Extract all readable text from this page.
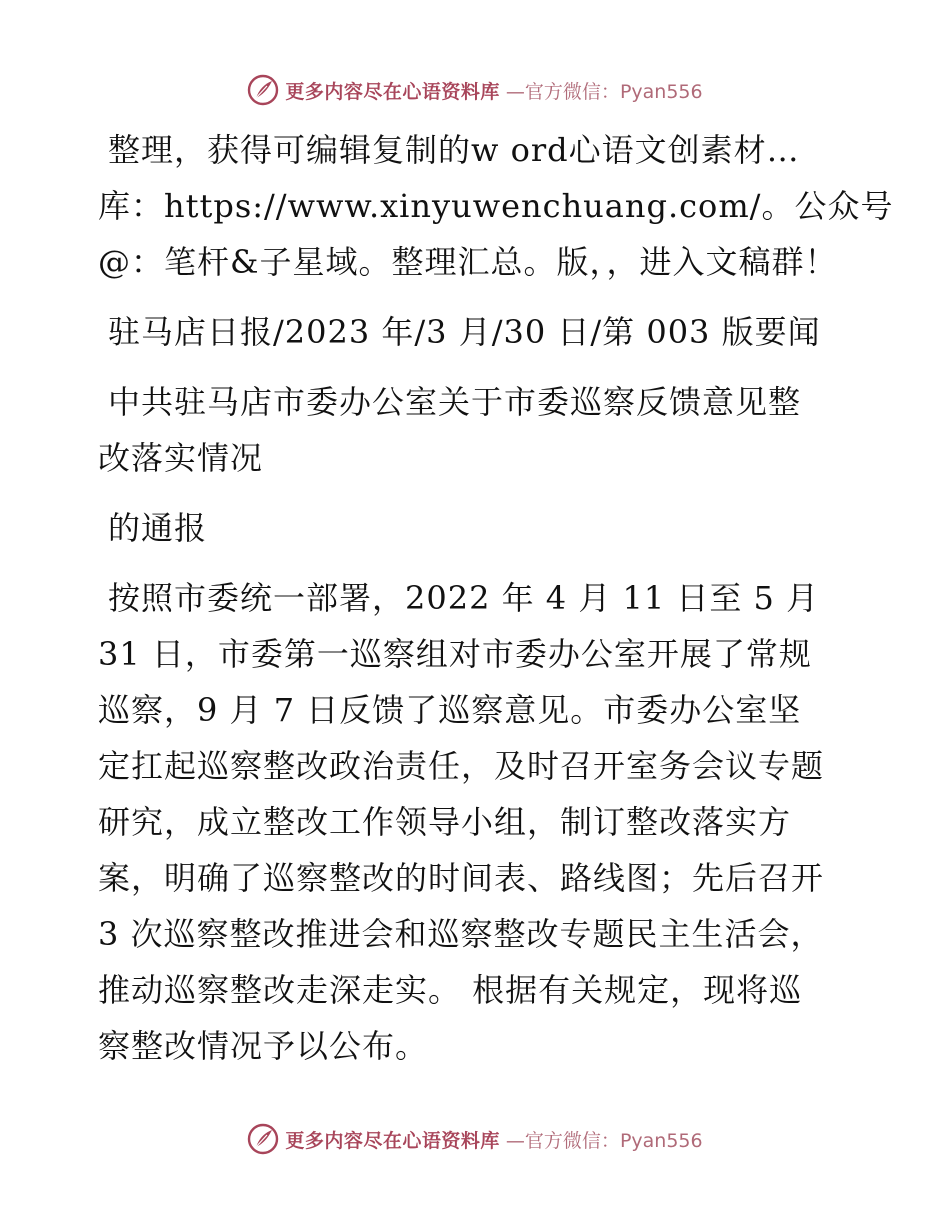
更多内容尽在心语资料库 —官方微信：Pyan556
整理，获得可编辑复制的w ord心语文创素材…
库：https://www.xinyuwenchuang.com/。公众号
@：笔杆&子星域。整理汇总。版，，进入文稿群！
驻马店日报/2023 年/3 月/30 日/第 003 版要闻
中共驻马店市委办公室关于市委巡察反馈意见整
改落实情况
的通报
按照市委统一部署，2022 年 4 月 11 日至 5 月
31 日，市委第一巡察组对市委办公室开展了常规
巡察，9 月 7 日反馈了巡察意见。市委办公室坚
定扛起巡察整改政治责任，及时召开室务会议专题
研究，成立整改工作领导小组，制订整改落实方
案，明确了巡察整改的时间表、路线图；先后召开
3 次巡察整改推进会和巡察整改专题民主生活会，
推动巡察整改走深走实。 根据有关规定，现将巡
察整改情况予以公布。
更多内容尽在心语资料库 —官方微信：Pyan556
